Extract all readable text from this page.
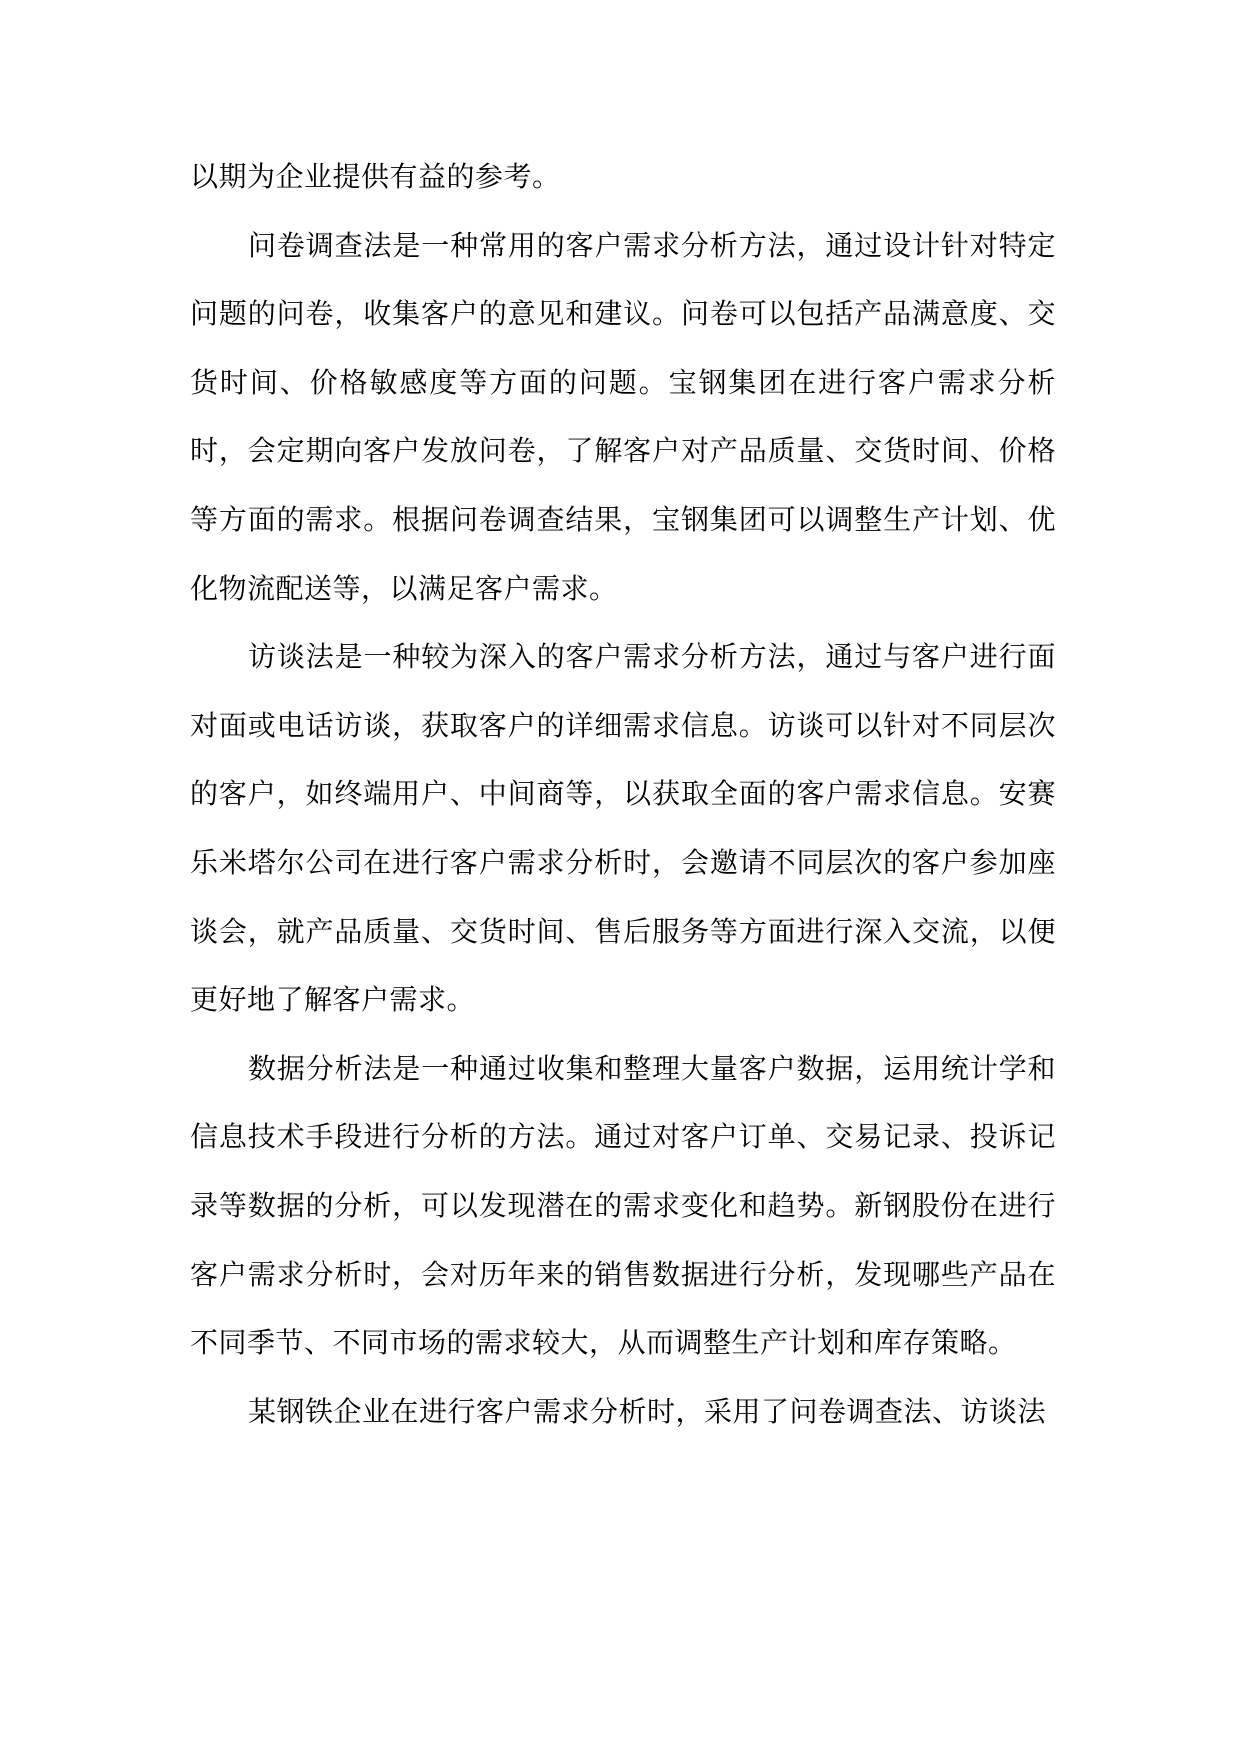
以期为企业提供有益的参考。

问卷调查法是一种常用的客户需求分析方法，通过设计针对特定问题的问卷，收集客户的意见和建议。问卷可以包括产品满意度、交货时间、价格敏感度等方面的问题。宝钢集团在进行客户需求分析时，会定期向客户发放问卷，了解客户对产品质量、交货时间、价格等方面的需求。根据问卷调查结果，宝钢集团可以调整生产计划、优化物流配送等，以满足客户需求。

访谈法是一种较为深入的客户需求分析方法，通过与客户进行面对面或电话访谈，获取客户的详细需求信息。访谈可以针对不同层次的客户，如终端用户、中间商等，以获取全面的客户需求信息。安赛乐米塔尔公司在进行客户需求分析时，会邀请不同层次的客户参加座谈会，就产品质量、交货时间、售后服务等方面进行深入交流，以便更好地了解客户需求。

数据分析法是一种通过收集和整理大量客户数据，运用统计学和信息技术手段进行分析的方法。通过对客户订单、交易记录、投诉记录等数据的分析，可以发现潜在的需求变化和趋势。新钢股份在进行客户需求分析时，会对历年来的销售数据进行分析，发现哪些产品在不同季节、不同市场的需求较大，从而调整生产计划和库存策略。

某钢铁企业在进行客户需求分析时，采用了问卷调查法、访谈法
